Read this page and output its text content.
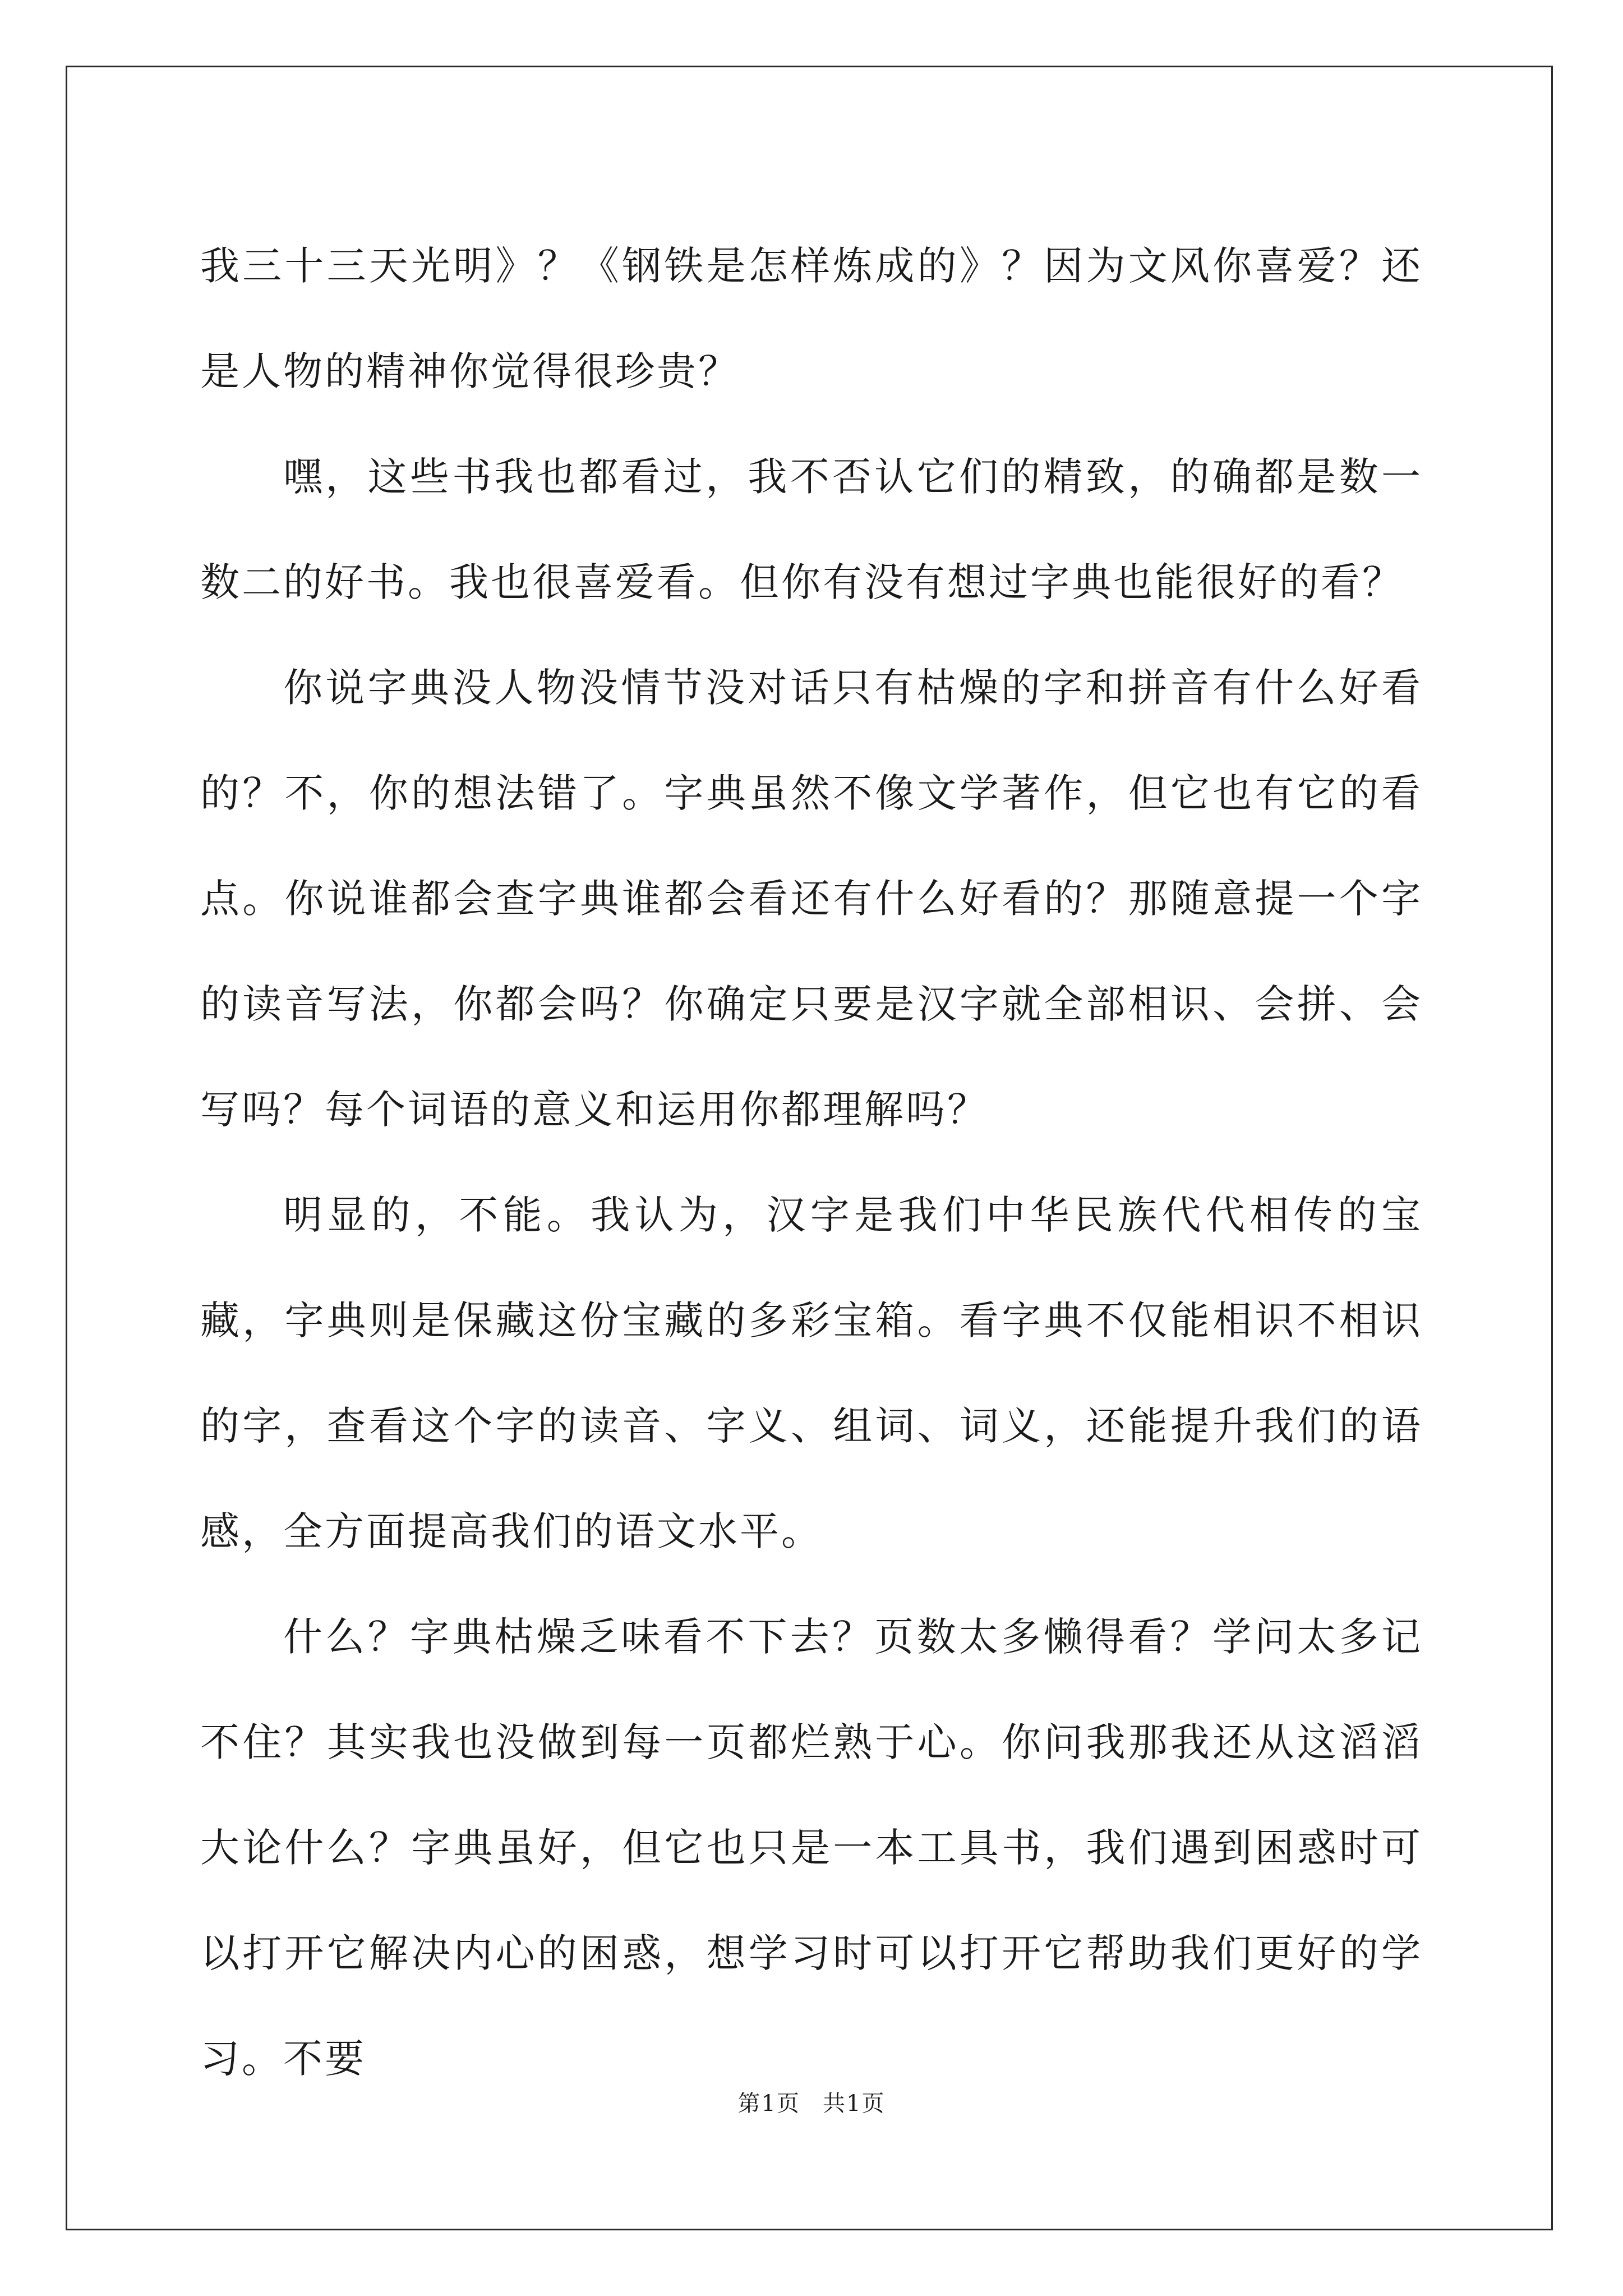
我三十三天光明》？《钢铁是怎样炼成的》？因为文风你喜爱？还是人物的精神你觉得很珍贵？

嘿，这些书我也都看过，我不否认它们的精致，的确都是数一数二的好书。我也很喜爱看。但你有没有想过字典也能很好的看？

你说字典没人物没情节没对话只有枯燥的字和拼音有什么好看的？不，你的想法错了。字典虽然不像文学著作，但它也有它的看点。你说谁都会查字典谁都会看还有什么好看的？那随意提一个字的读音写法，你都会吗？你确定只要是汉字就全部相识、会拼、会写吗？每个词语的意义和运用你都理解吗？

明显的，不能。我认为，汉字是我们中华民族代代相传的宝藏，字典则是保藏这份宝藏的多彩宝箱。看字典不仅能相识不相识的字，查看这个字的读音、字义、组词、词义，还能提升我们的语感，全方面提高我们的语文水平。

什么？字典枯燥乏味看不下去？页数太多懒得看？学问太多记不住？其实我也没做到每一页都烂熟于心。你问我那我还从这滔滔大论什么？字典虽好，但它也只是一本工具书，我们遇到困惑时可以打开它解决内心的困惑，想学习时可以打开它帮助我们更好的学习。不要

第1页 共1页
